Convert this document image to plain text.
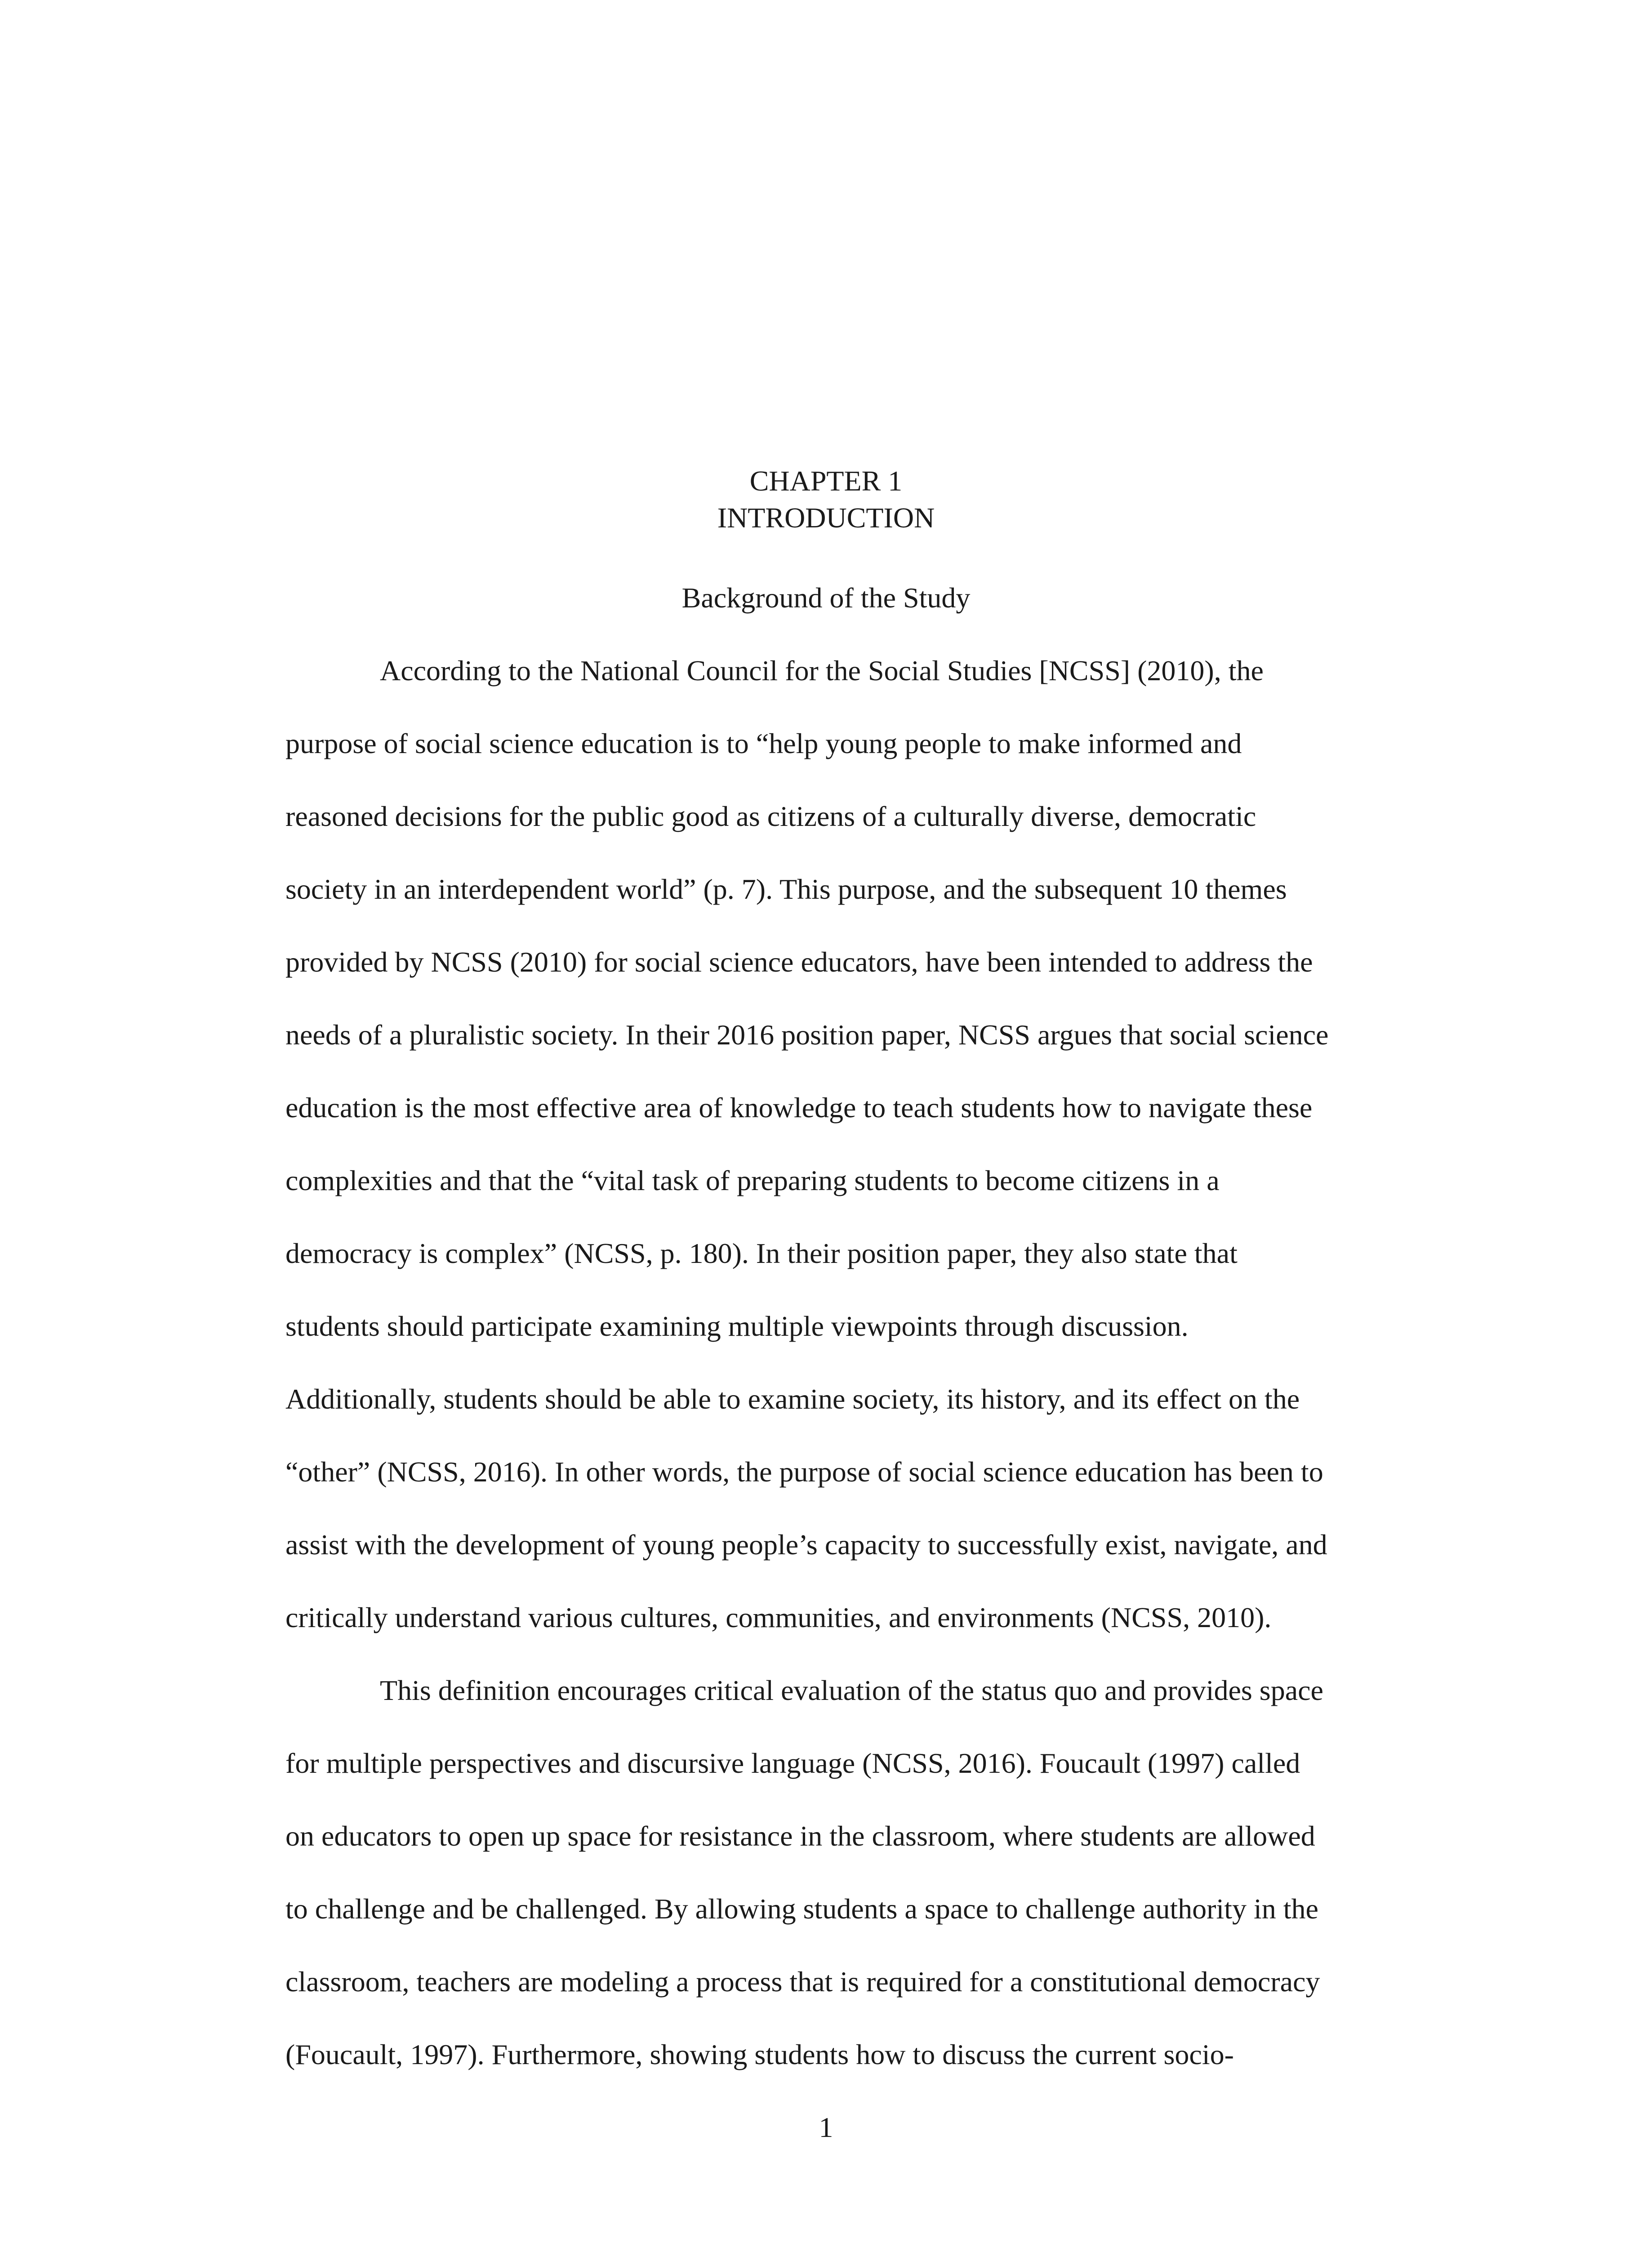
CHAPTER 1
INTRODUCTION
Background of the Study
According to the National Council for the Social Studies [NCSS] (2010), the
purpose of social science education is to “help young people to make informed and
reasoned decisions for the public good as citizens of a culturally diverse, democratic
society in an interdependent world” (p. 7). This purpose, and the subsequent 10 themes
provided by NCSS (2010) for social science educators, have been intended to address the
needs of a pluralistic society. In their 2016 position paper, NCSS argues that social science
education is the most effective area of knowledge to teach students how to navigate these
complexities and that the “vital task of preparing students to become citizens in a
democracy is complex” (NCSS, p. 180). In their position paper, they also state that
students should participate examining multiple viewpoints through discussion.
Additionally, students should be able to examine society, its history, and its effect on the
“other” (NCSS, 2016). In other words, the purpose of social science education has been to
assist with the development of young people’s capacity to successfully exist, navigate, and
critically understand various cultures, communities, and environments (NCSS, 2010).
This definition encourages critical evaluation of the status quo and provides space
for multiple perspectives and discursive language (NCSS, 2016). Foucault (1997) called
on educators to open up space for resistance in the classroom, where students are allowed
to challenge and be challenged. By allowing students a space to challenge authority in the
classroom, teachers are modeling a process that is required for a constitutional democracy
(Foucault, 1997). Furthermore, showing students how to discuss the current socio-
1
